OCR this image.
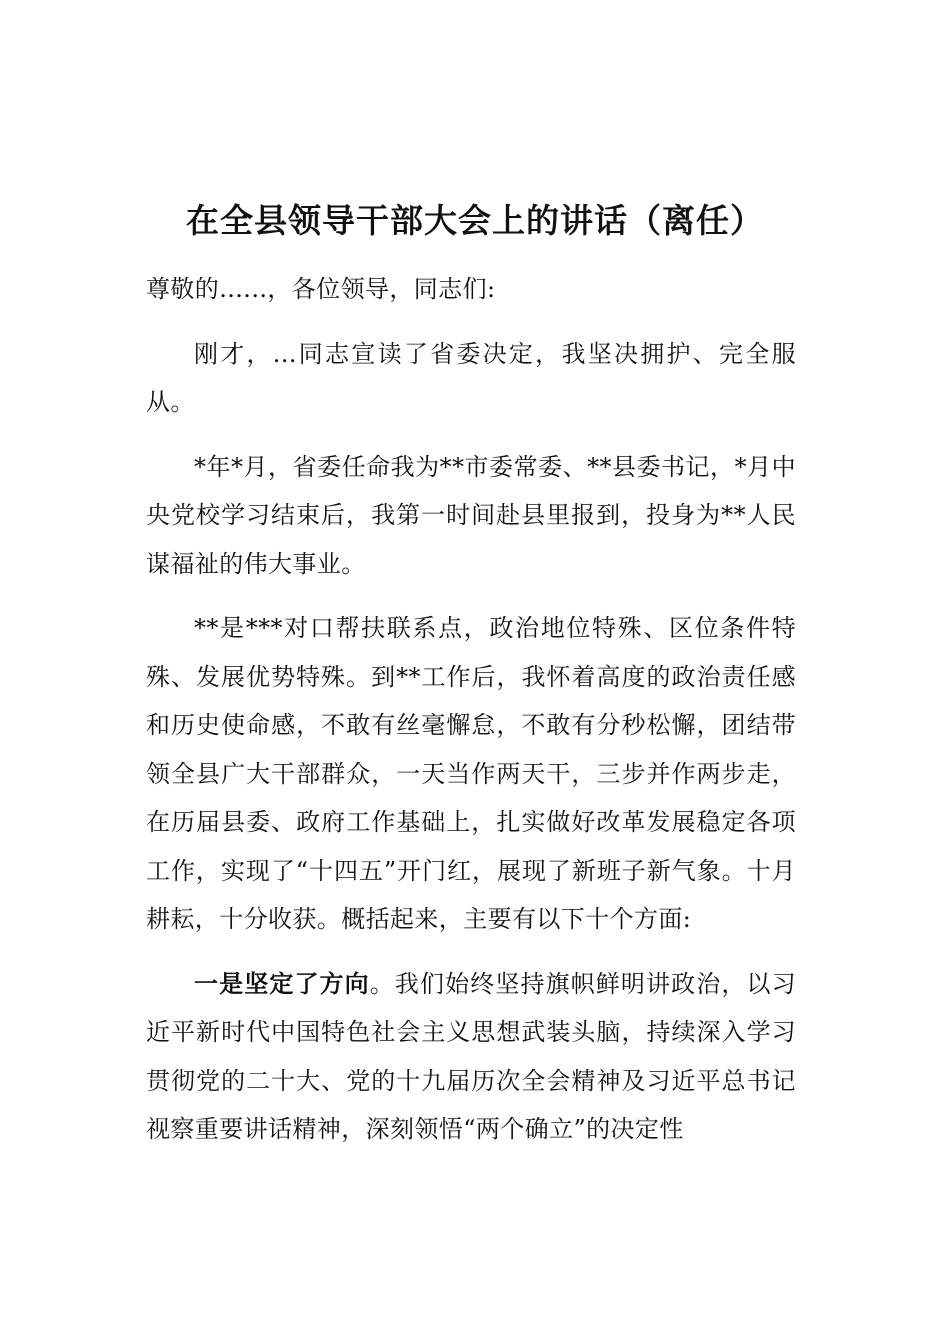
在全县领导干部大会上的讲话（离任）

尊敬的......，各位领导，同志们:

刚才，...同志宣读了省委决定，我坚决拥护、完全服从。

*年*月，省委任命我为**市委常委、**县委书记，*月中央党校学习结束后，我第一时间赴县里报到，投身为**人民谋福祉的伟大事业。

**是***对口帮扶联系点，政治地位特殊、区位条件特殊、发展优势特殊。到**工作后，我怀着高度的政治责任感和历史使命感，不敢有丝毫懈怠，不敢有分秒松懈，团结带领全县广大干部群众，一天当作两天干，三步并作两步走，在历届县委、政府工作基础上，扎实做好改革发展稳定各项工作，实现了“十四五”开门红，展现了新班子新气象。十月耕耘，十分收获。概括起来，主要有以下十个方面:

一是坚定了方向。我们始终坚持旗帜鲜明讲政治，以习近平新时代中国特色社会主义思想武装头脑，持续深入学习贯彻党的二十大、党的十九届历次全会精神及习近平总书记视察重要讲话精神，深刻领悟“两个确立”的决定性
